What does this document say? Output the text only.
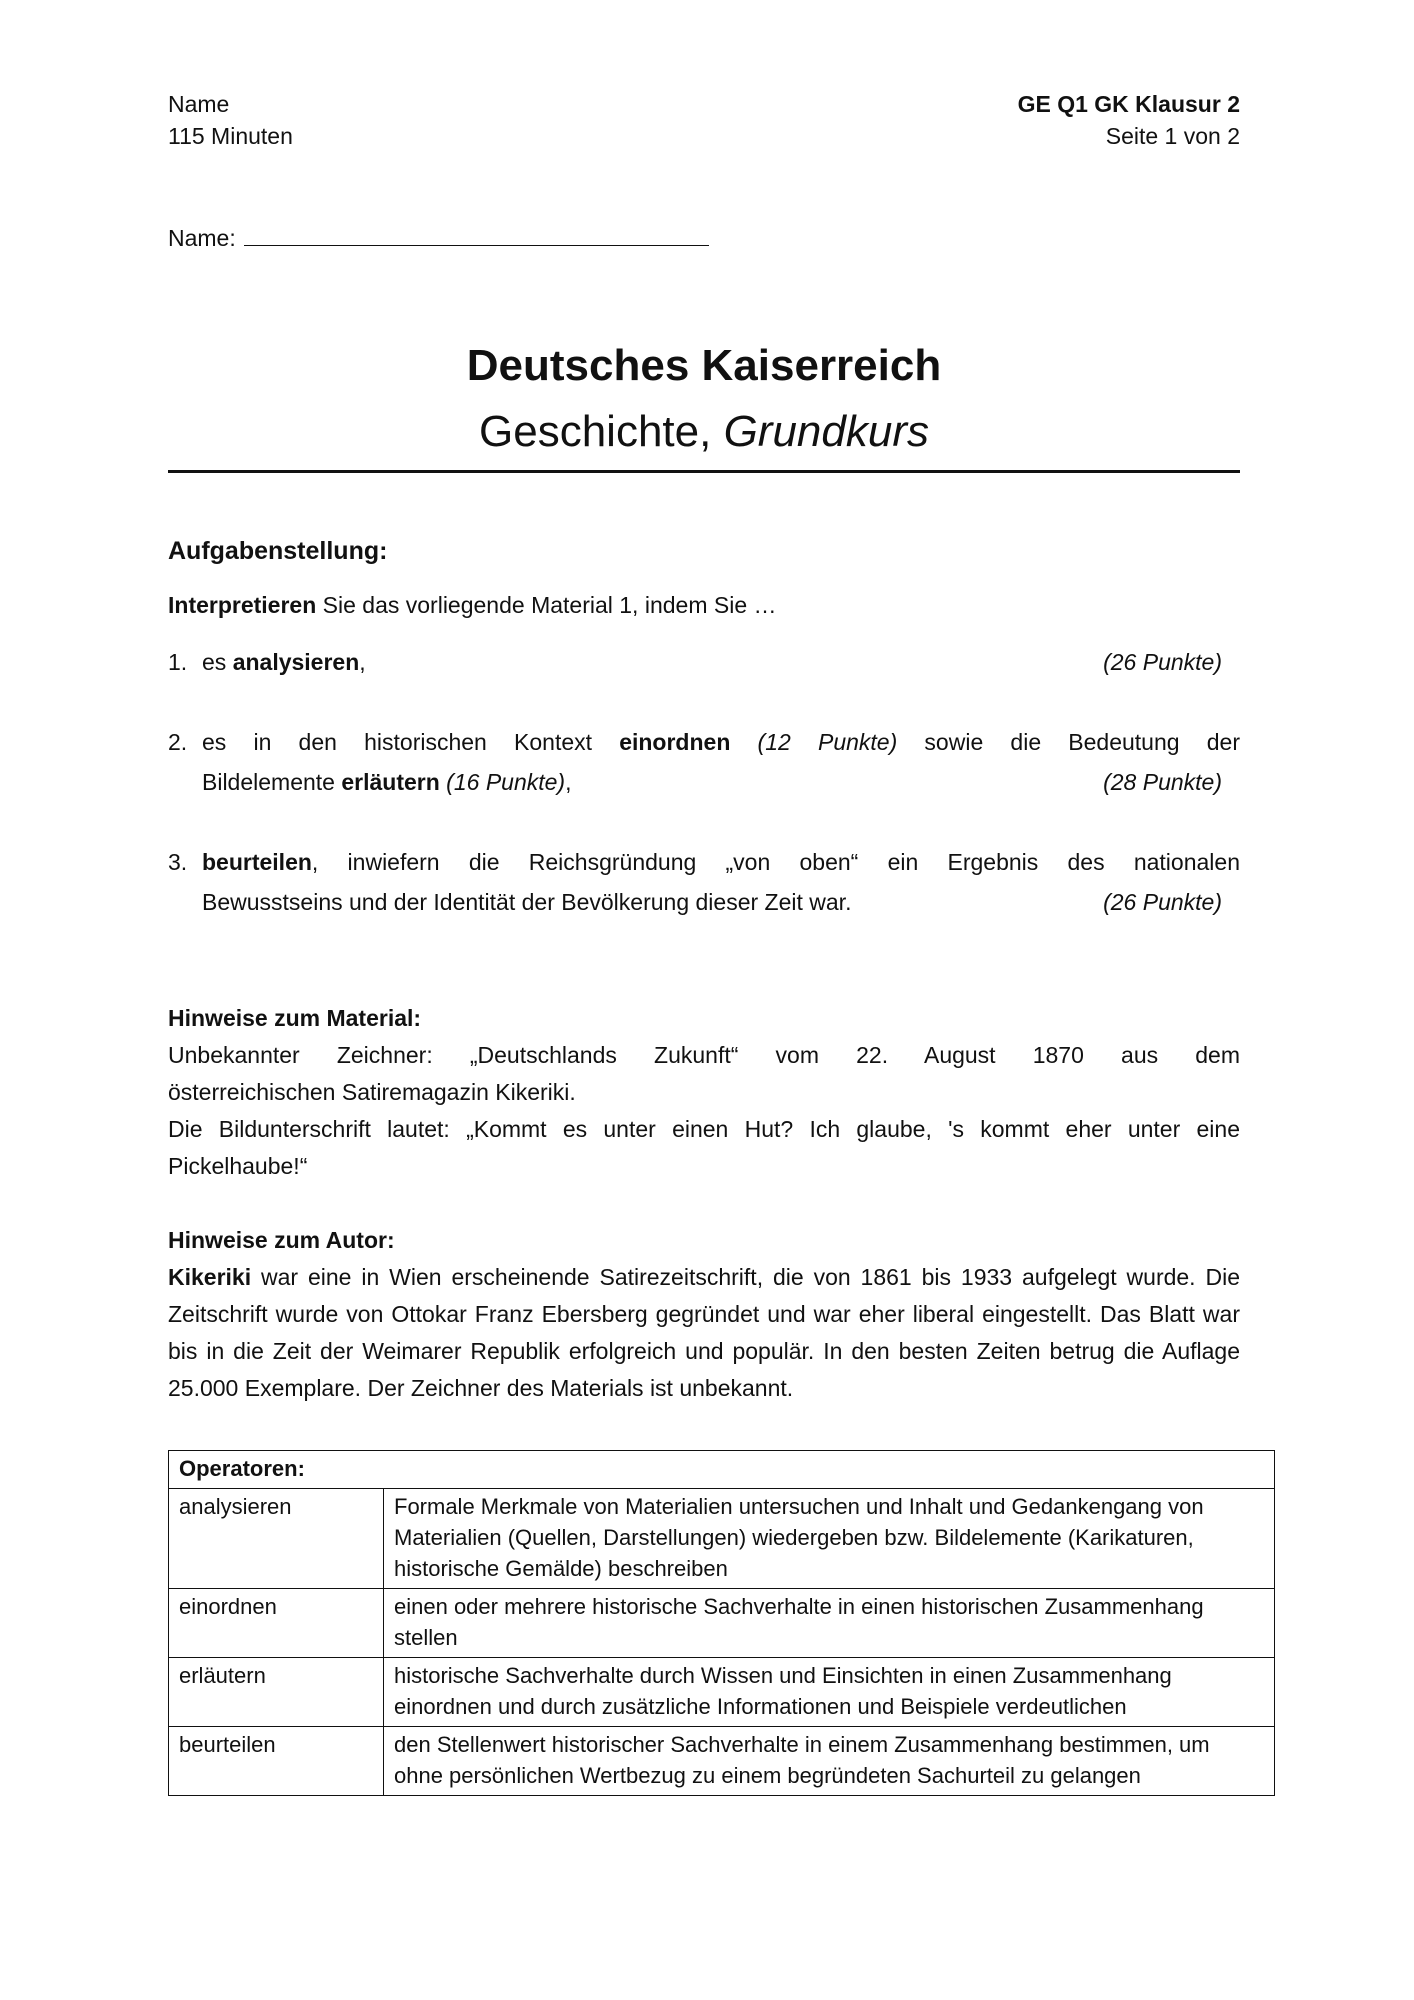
Name
115 Minuten
GE Q1 GK Klausur 2
Seite 1 von 2
Name:
Deutsches Kaiserreich
Geschichte, Grundkurs
Aufgabenstellung:
Interpretieren Sie das vorliegende Material 1, indem Sie …
1. es analysieren,	(26 Punkte)
2. es in den historischen Kontext einordnen (12 Punkte) sowie die Bedeutung der
Bildelemente erläutern (16 Punkte),	(28 Punkte)
3. beurteilen, inwiefern die Reichsgründung „von oben“ ein Ergebnis des nationalen
Bewusstseins und der Identität der Bevölkerung dieser Zeit war.	(26 Punkte)

Hinweise zum Material:

Unbekannter Zeichner: „Deutschlands Zukunft“ vom 22. August 1870 aus dem

österreichischen Satiremagazin Kikeriki.

Die Bildunterschrift lautet: „Kommt es unter einen Hut? Ich glaube, 's kommt eher unter eine

Pickelhaube!“

Hinweise zum Autor:

Kikeriki war eine in Wien erscheinende Satirezeitschrift, die von 1861 bis 1933 aufgelegt wurde. Die Zeitschrift wurde von Ottokar Franz Ebersberg gegründet und war eher liberal eingestellt. Das Blatt war bis in die Zeit der Weimarer Republik erfolgreich und populär. In den besten Zeiten betrug die Auflage 25.000 Exemplare. Der Zeichner des Materials ist unbekannt.

Operatoren:	
analysieren	Formale Merkmale von Materialien untersuchen und Inhalt und Gedankengang von Materialien (Quellen, Darstellungen) wiedergeben bzw. Bildelemente (Karikaturen, historische Gemälde) beschreiben
einordnen	einen oder mehrere historische Sachverhalte in einen historischen Zusammenhang stellen
erläutern	historische Sachverhalte durch Wissen und Einsichten in einen Zusammenhang einordnen und durch zusätzliche Informationen und Beispiele verdeutlichen
beurteilen	den Stellenwert historischer Sachverhalte in einem Zusammenhang bestimmen, um ohne persönlichen Wertbezug zu einem begründeten Sachurteil zu gelangen
